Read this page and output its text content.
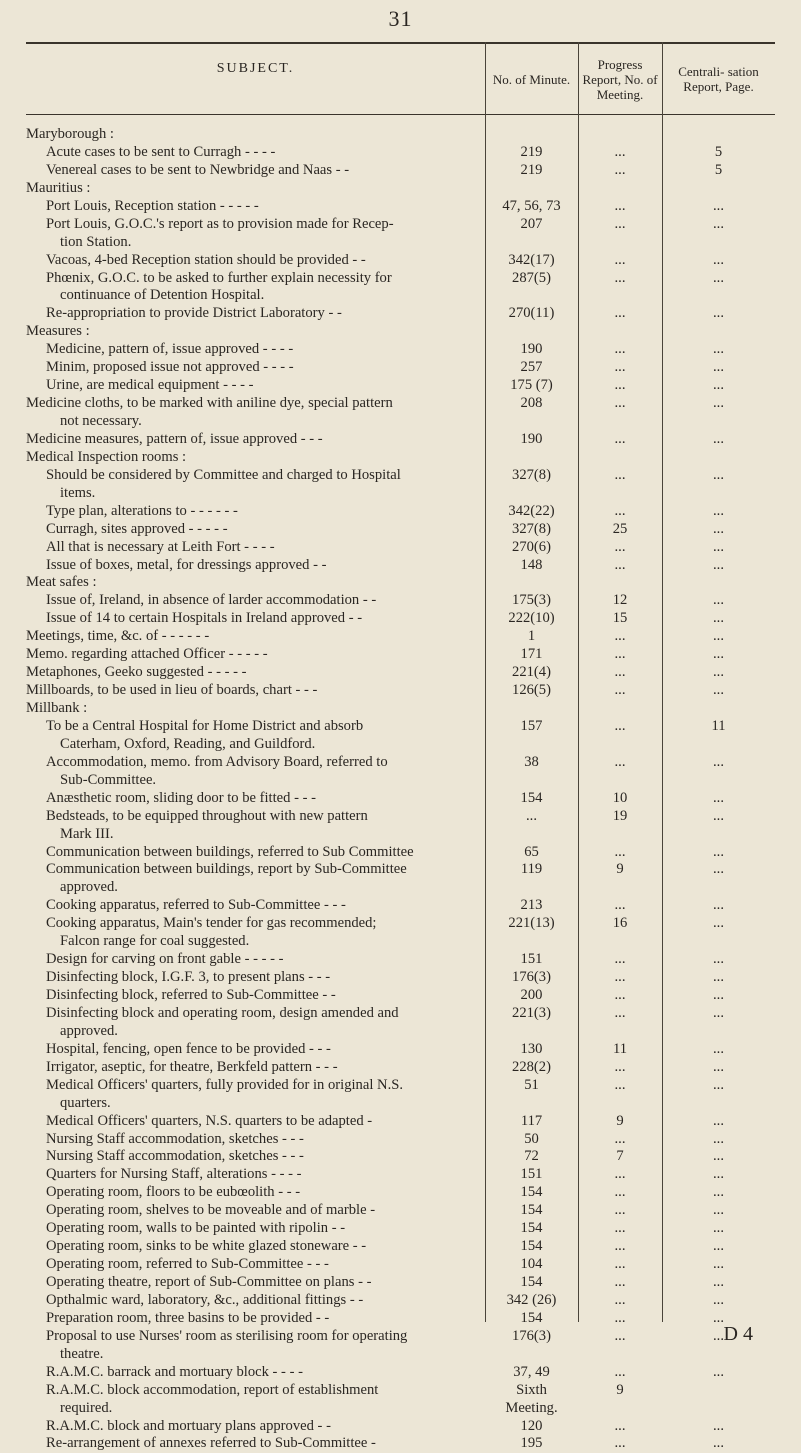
31
SUBJECT.
No. of Minute.
Progress Report, No. of Meeting.
Centrali- sation Report, Page.
Maryborough :
Acute cases to be sent to Curragh - - - -	219	...	5
Venereal cases to be sent to Newbridge and Naas - -	219	...	5
Mauritius :
Port Louis, Reception station - - - - -	47, 56, 73	...	...
Port Louis, G.O.C.'s report as to provision made for Recep-	207	...	...
tion Station.
Vacoas, 4-bed Reception station should be provided - -	342(17)	...	...
Phœnix, G.O.C. to be asked to further explain necessity for	287(5)	...	...
continuance of Detention Hospital.
Re-appropriation to provide District Laboratory - -	270(11)	...	...
Measures :
Medicine, pattern of, issue approved - - - -	190	...	...
Minim, proposed issue not approved - - - -	257	...	...
Urine, are medical equipment - - - -	175 (7)	...	...
Medicine cloths, to be marked with aniline dye, special pattern	208	...	...
not necessary.
Medicine measures, pattern of, issue approved - - -	190	...	...
Medical Inspection rooms :
Should be considered by Committee and charged to Hospital	327(8)	...	...
items.
Type plan, alterations to - - - - - -	342(22)	...	...
Curragh, sites approved - - - - -	327(8)	25	...
All that is necessary at Leith Fort - - - -	270(6)	...	...
Issue of boxes, metal, for dressings approved - -	148	...	...
Meat safes :
Issue of, Ireland, in absence of larder accommodation - -	175(3)	12	...
Issue of 14 to certain Hospitals in Ireland approved - -	222(10)	15	...
Meetings, time, &c. of - - - - - -	1	...	...
Memo. regarding attached Officer - - - - -	171	...	...
Metaphones, Geeko suggested - - - - -	221(4)	...	...
Millboards, to be used in lieu of boards, chart - - -	126(5)	...	...
Millbank :
To be a Central Hospital for Home District and absorb	157	...	11
Caterham, Oxford, Reading, and Guildford.
Accommodation, memo. from Advisory Board, referred to	38	...	...
Sub-Committee.
Anæsthetic room, sliding door to be fitted - - -	154	10	...
Bedsteads, to be equipped throughout with new pattern	...	19	...
Mark III.
Communication between buildings, referred to Sub Committee	65	...	...
Communication between buildings, report by Sub-Committee	119	9	...
approved.
Cooking apparatus, referred to Sub-Committee - - -	213	...	...
Cooking apparatus, Main's tender for gas recommended;	221(13)	16	...
Falcon range for coal suggested.
Design for carving on front gable - - - - -	151	...	...
Disinfecting block, I.G.F. 3, to present plans - - -	176(3)	...	...
Disinfecting block, referred to Sub-Committee - -	200	...	...
Disinfecting block and operating room, design amended and	221(3)	...	...
approved.
Hospital, fencing, open fence to be provided - - -	130	11	...
Irrigator, aseptic, for theatre, Berkfeld pattern - - -	228(2)	...	...
Medical Officers' quarters, fully provided for in original N.S.	51	...	...
quarters.
Medical Officers' quarters, N.S. quarters to be adapted -	117	9	...
Nursing Staff accommodation, sketches - - -	50	...	...
Nursing Staff accommodation, sketches - - -	72	7	...
Quarters for Nursing Staff, alterations - - - -	151	...	...
Operating room, floors to be eubœolith - - -	154	...	...
Operating room, shelves to be moveable and of marble -	154	...	...
Operating room, walls to be painted with ripolin - -	154	...	...
Operating room, sinks to be white glazed stoneware - -	154	...	...
Operating room, referred to Sub-Committee - - -	104	...	...
Operating theatre, report of Sub-Committee on plans - -	154	...	...
Opthalmic ward, laboratory, &c., additional fittings - -	342 (26)	...	...
Preparation room, three basins to be provided - -	154	...	...
Proposal to use Nurses' room as sterilising room for operating	176(3)	...	...
theatre.
R.A.M.C. barrack and mortuary block - - - -	37, 49	...	...
R.A.M.C. block accommodation, report of establishment	Sixth	9
required.	Meeting.
R.A.M.C. block and mortuary plans approved - -	120	...	...
Re-arrangement of annexes referred to Sub-Committee -	195	...	...
D 4
